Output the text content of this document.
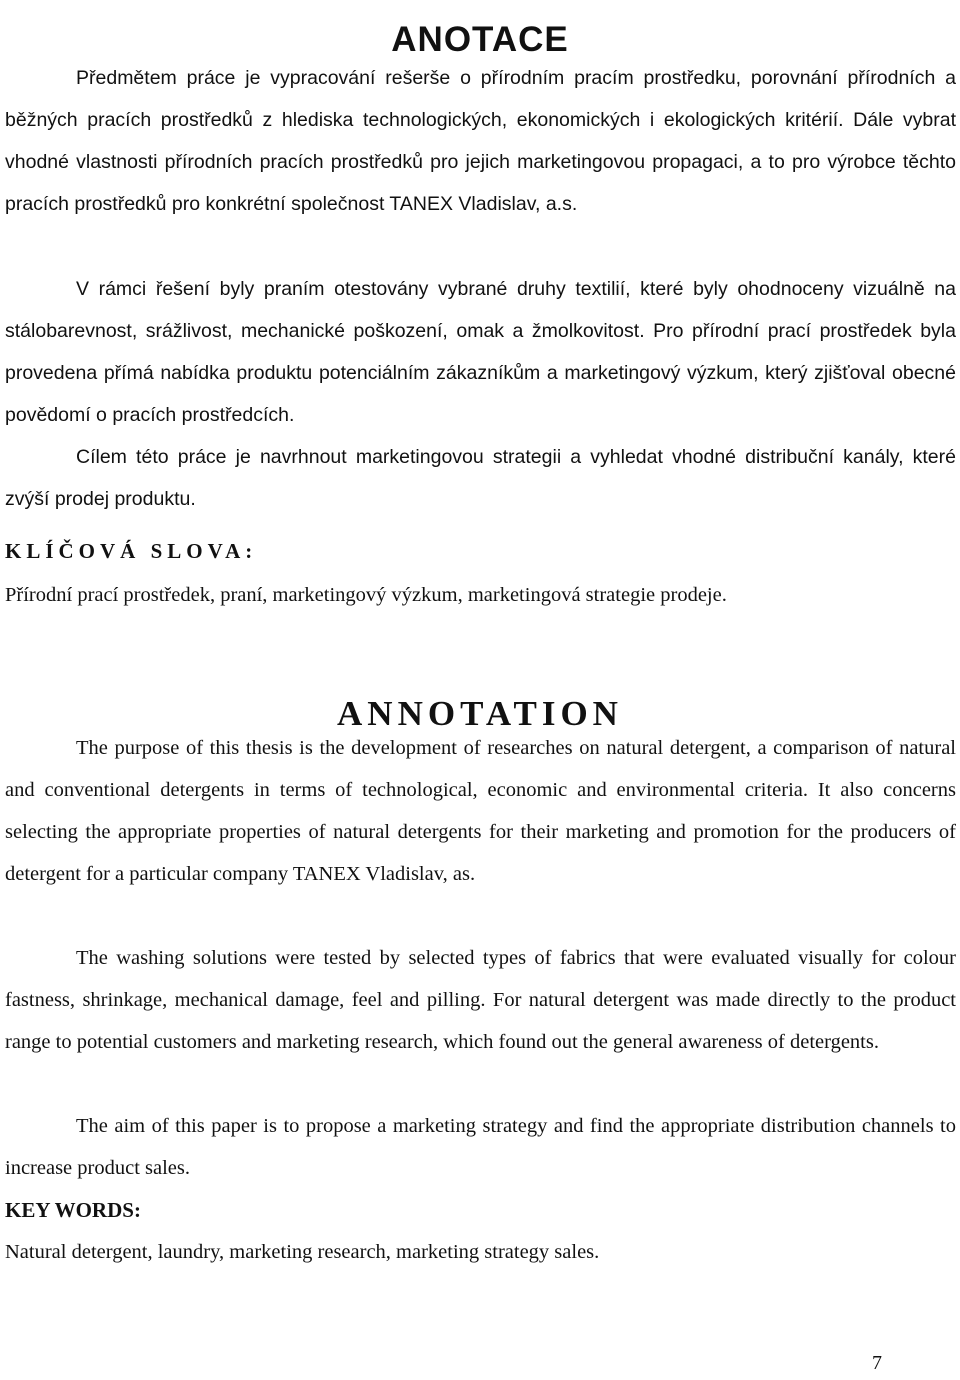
ANOTACE

Předmětem práce je vypracování rešerše o přírodním pracím prostředku, porovnání přírodních a běžných pracích prostředků z hlediska technologických, ekonomických i ekologických kritérií. Dále vybrat vhodné vlastnosti přírodních pracích prostředků pro jejich marketingovou propagaci, a to pro výrobce těchto pracích prostředků pro konkrétní společnost TANEX Vladislav, a.s.

V rámci řešení byly praním otestovány vybrané druhy textilií, které byly ohodnoceny vizuálně na stálobarevnost, srážlivost, mechanické poškození, omak a žmolkovitost. Pro přírodní prací prostředek byla provedena přímá nabídka produktu potenciálním zákazníkům a marketingový výzkum, který zjišťoval obecné povědomí o pracích prostředcích.

Cílem této práce je navrhnout marketingovou strategii a vyhledat vhodné distribuční kanály, které zvýší prodej produktu.

KLÍČOVÁ SLOVA:
Přírodní prací prostředek, praní, marketingový výzkum, marketingová strategie prodeje.
ANNOTATION

The purpose of this thesis is the development of researches on natural detergent, a comparison of natural and conventional detergents in terms of technological, economic and environmental criteria. It also concerns selecting the appropriate properties of natural detergents for their marketing and promotion for the producers of detergent for a particular company TANEX Vladislav, as.

The washing solutions were tested by selected types of fabrics that were evaluated visually for colour fastness, shrinkage, mechanical damage, feel and pilling. For natural detergent was made directly to the product range to potential customers and marketing research, which found out the general awareness of detergents.

The aim of this paper is to propose a marketing strategy and find the appropriate distribution channels to increase product sales.

KEY WORDS:
Natural detergent, laundry, marketing research, marketing strategy sales.
7
